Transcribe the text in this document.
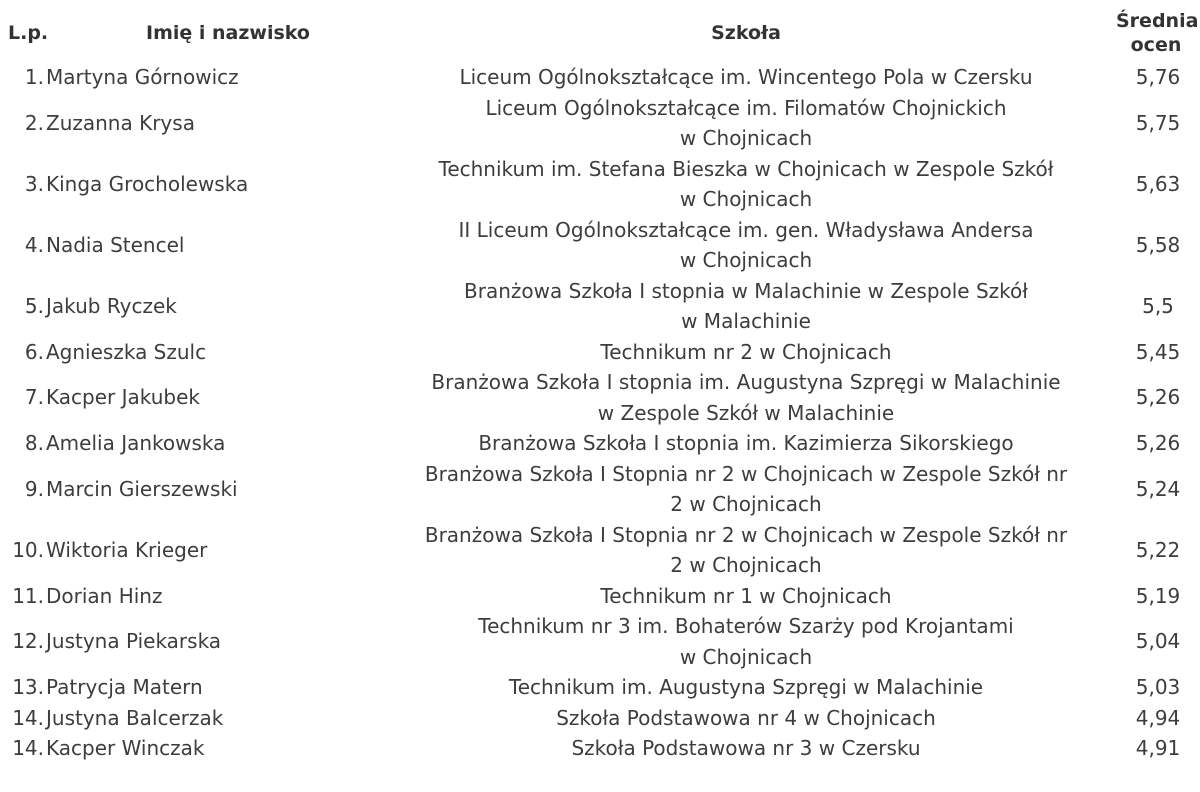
L.p.	Imię i nazwisko	Szkoła	Średnia
ocen

1.	Martyna Górnowicz	Liceum Ogólnokształcące im. Wincentego Pola w Czersku	5,76
2.	Zuzanna Krysa	Liceum Ogólnokształcące im. Filomatów Chojnickich
w Chojnicach	5,75
3.	Kinga Grocholewska	Technikum im. Stefana Bieszka w Chojnicach w Zespole Szkół
w Chojnicach	5,63
4.	Nadia Stencel	II Liceum Ogólnokształcące im. gen. Władysława Andersa
w Chojnicach	5,58
5.	Jakub Ryczek	Branżowa Szkoła I stopnia w Malachinie w Zespole Szkół
w Malachinie	5,5
6.	Agnieszka Szulc	Technikum nr 2 w Chojnicach	5,45
7.	Kacper Jakubek	Branżowa Szkoła I stopnia im. Augustyna Szpręgi w Malachinie
w Zespole Szkół w Malachinie	5,26
8.	Amelia Jankowska	Branżowa Szkoła I stopnia im. Kazimierza Sikorskiego	5,26
9.	Marcin Gierszewski	Branżowa Szkoła I Stopnia nr 2 w Chojnicach w Zespole Szkół nr
2 w Chojnicach	5,24
10.	Wiktoria Krieger	Branżowa Szkoła I Stopnia nr 2 w Chojnicach w Zespole Szkół nr
2 w Chojnicach	5,22
11.	Dorian Hinz	Technikum nr 1 w Chojnicach	5,19
12.	Justyna Piekarska	Technikum nr 3 im. Bohaterów Szarży pod Krojantami
w Chojnicach	5,04
13.	Patrycja Matern	Technikum im. Augustyna Szpręgi w Malachinie	5,03
14.	Justyna Balcerzak	Szkoła Podstawowa nr 4 w Chojnicach	4,94
14.	Kacper Winczak	Szkoła Podstawowa nr 3 w Czersku	4,91
